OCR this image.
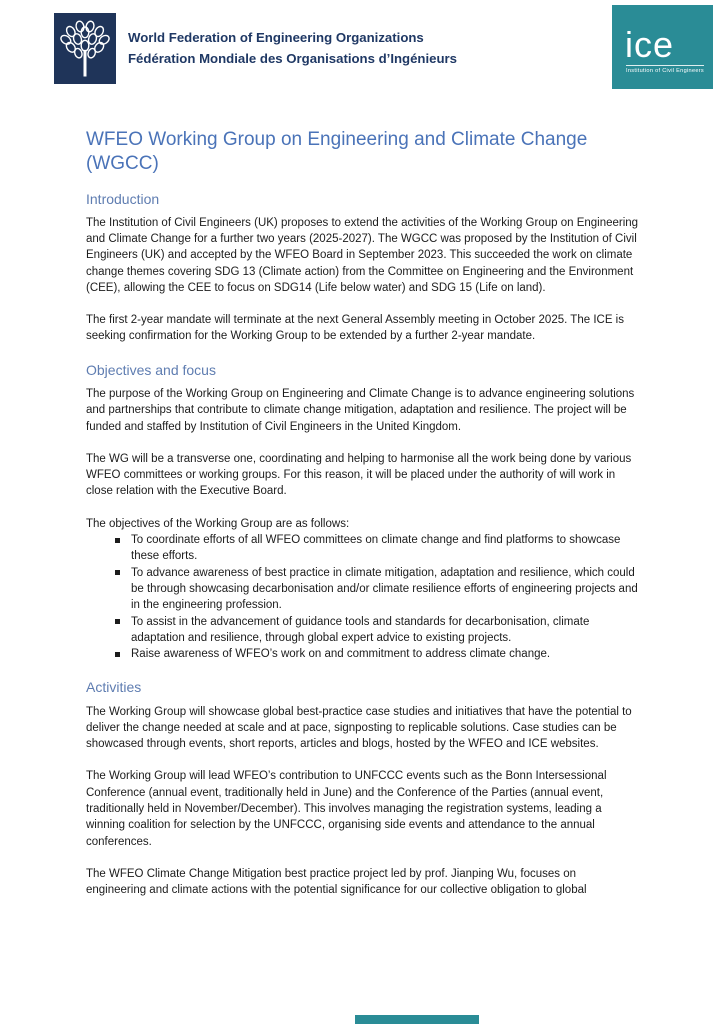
World Federation of Engineering Organizations
Fédération Mondiale des Organisations d’Ingénieurs	ice
Institution of Civil Engineers
WFEO Working Group on Engineering and Climate Change (WGCC)
Introduction

The Institution of Civil Engineers (UK) proposes to extend the activities of the Working Group on Engineering and Climate Change for a further two years (2025-2027). The WGCC was proposed by the Institution of Civil Engineers (UK) and accepted by the WFEO Board in September 2023. This succeeded the work on climate change themes covering SDG 13 (Climate action) from the Committee on Engineering and the Environment (CEE), allowing the CEE to focus on SDG14 (Life below water) and SDG 15 (Life on land).

The first 2-year mandate will terminate at the next General Assembly meeting in October 2025. The ICE is seeking confirmation for the Working Group to be extended by a further 2-year mandate.

Objectives and focus

The purpose of the Working Group on Engineering and Climate Change is to advance engineering solutions and partnerships that contribute to climate change mitigation, adaptation and resilience. The project will be funded and staffed by Institution of Civil Engineers in the United Kingdom.

The WG will be a transverse one, coordinating and helping to harmonise all the work being done by various WFEO committees or working groups. For this reason, it will be placed under the authority of will work in close relation with the Executive Board.

The objectives of the Working Group are as follows:

To coordinate efforts of all WFEO committees on climate change and find platforms to showcase these efforts.
To advance awareness of best practice in climate mitigation, adaptation and resilience, which could be through showcasing decarbonisation and/or climate resilience efforts of engineering projects and in the engineering profession.
To assist in the advancement of guidance tools and standards for decarbonisation, climate adaptation and resilience, through global expert advice to existing projects.
Raise awareness of WFEO’s work on and commitment to address climate change.
Activities

The Working Group will showcase global best-practice case studies and initiatives that have the potential to deliver the change needed at scale and at pace, signposting to replicable solutions. Case studies can be showcased through events, short reports, articles and blogs, hosted by the WFEO and ICE websites.

The Working Group will lead WFEO’s contribution to UNFCCC events such as the Bonn Intersessional Conference (annual event, traditionally held in June) and the Conference of the Parties (annual event, traditionally held in November/December). This involves managing the registration systems, leading a winning coalition for selection by the UNFCCC, organising side events and attendance to the annual conferences.

The WFEO Climate Change Mitigation best practice project led by prof. Jianping Wu, focuses on engineering and climate actions with the potential significance for our collective obligation to global
